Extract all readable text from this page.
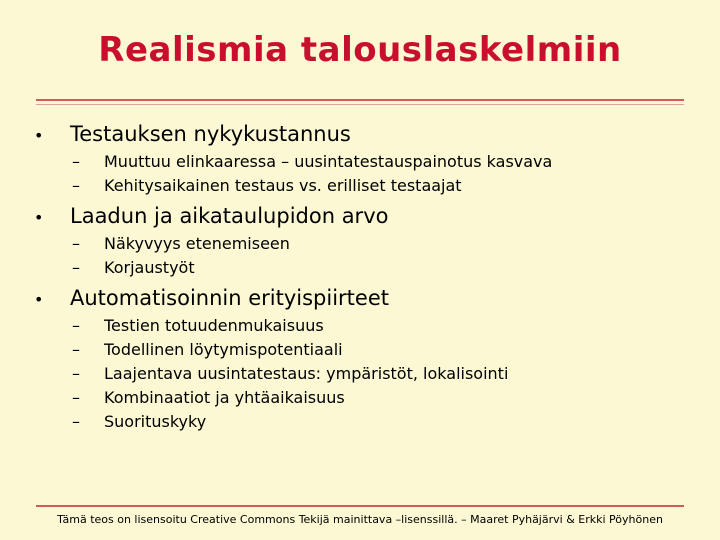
Realismia talouslaskelmiin
•	Testauksen nykykustannus
–	Muuttuu elinkaaressa – uusintatestauspainotus kasvava
–	Kehitysaikainen testaus vs. erilliset testaajat
•	Laadun ja aikataulupidon arvo
–	Näkyvyys etenemiseen
–	Korjaustyöt
•	Automatisoinnin erityispiirteet
–	Testien totuudenmukaisuus
–	Todellinen löytymispotentiaali
–	Laajentava uusintatestaus: ympäristöt, lokalisointi
–	Kombinaatiot ja yhtäaikaisuus
–	Suorituskyky
Tämä teos on lisensoitu Creative Commons Tekijä mainittava –lisenssillä. – Maaret Pyhäjärvi & Erkki Pöyhönen
